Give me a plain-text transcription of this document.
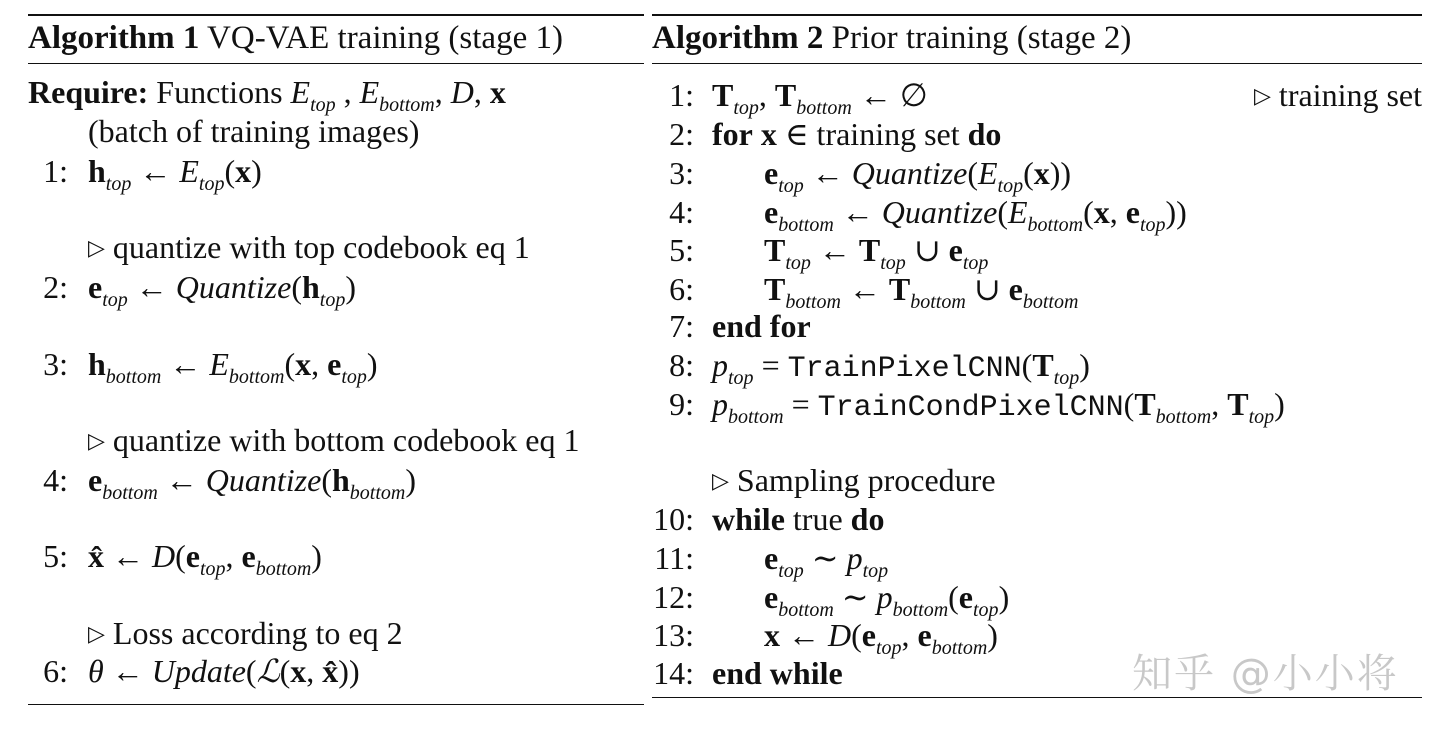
Algorithm 1 VQ-VAE training (stage 1)
Require: Functions $E_{top}$ , $E_{bottom}$, D, x
(batch of training images)
1: $h_{top}$ ← $E_{top}(x)$
▷ quantize with top codebook eq 1
2: $e_{top}$ ← $Quantize(h_{top})$
3: $h_{bottom}$ ← $E_{bottom}(x$, $e_{top}$)
▷ quantize with bottom codebook eq 1
4: $e_{bottom}$ ← $Quantize(h_{bottom})$
5: x̂ ← $D(e_{top}$, $e_{bottom}$)
▷ Loss according to eq 2
6: θ ← Update(ℒ(x, x̂))
Algorithm 2 Prior training (stage 2)
1: $T_{top}$, $T_{bottom}$ ← ∅	▷ training set
2: for x ∈ training set do
3: $e_{top}$ ← $Quantize(E_{top}(x))$
4: $e_{bottom}$ ← $Quantize(E_{bottom}(x$, $e_{top}$))
5: $T_{top}$ ← $T_{top}$ ∪ $e_{top}$
6: $T_{bottom}$ ← $T_{bottom}$ ∪ $e_{bottom}$
7: end for
8: $p_{top}$ = $TrainPixelCNN(T_{top})$
9: $p_{bottom}$ = $TrainCondPixelCNN(T_{bottom}$, $T_{top}$)
▷ Sampling procedure
10: while true do
11: $e_{top}$ ∼ $p_{top}$
12: $e_{bottom}$ ∼ $p_{bottom}(e_{top})$
13: x ← $D(e_{top}$, $e_{bottom}$)
14: end while	知乎 @小小将
